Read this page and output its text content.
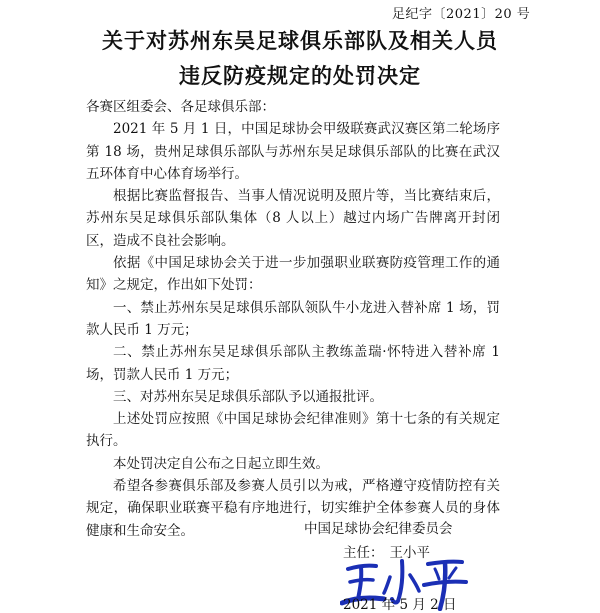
足纪字〔2021〕20 号
关于对苏州东吴足球俱乐部队及相关人员
违反防疫规定的处罚决定

各赛区组委会、各足球俱乐部：

2021 年 5 月 1 日，中国足球协会甲级联赛武汉赛区第二轮场序第 18 场，贵州足球俱乐部队与苏州东吴足球俱乐部队的比赛在武汉五环体育中心体育场举行。

根据比赛监督报告、当事人情况说明及照片等，当比赛结束后，苏州东吴足球俱乐部队集体（8 人以上）越过内场广告牌离开封闭区，造成不良社会影响。

依据《中国足球协会关于进一步加强职业联赛防疫管理工作的通知》之规定，作出如下处罚：

一、禁止苏州东吴足球俱乐部队领队牛小龙进入替补席 1 场，罚款人民币 1 万元；

二、禁止苏州东吴足球俱乐部队主教练盖瑞·怀特进入替补席 1 场，罚款人民币 1 万元；

三、对苏州东吴足球俱乐部队予以通报批评。

上述处罚应按照《中国足球协会纪律准则》第十七条的有关规定执行。

本处罚决定自公布之日起立即生效。

希望各参赛俱乐部及参赛人员引以为戒，严格遵守疫情防控有关规定，确保职业联赛平稳有序地进行，切实维护全体参赛人员的身体健康和生命安全。	中国足球协会纪律委员会
主任： 王小平
2021 年 5 月 2 日
